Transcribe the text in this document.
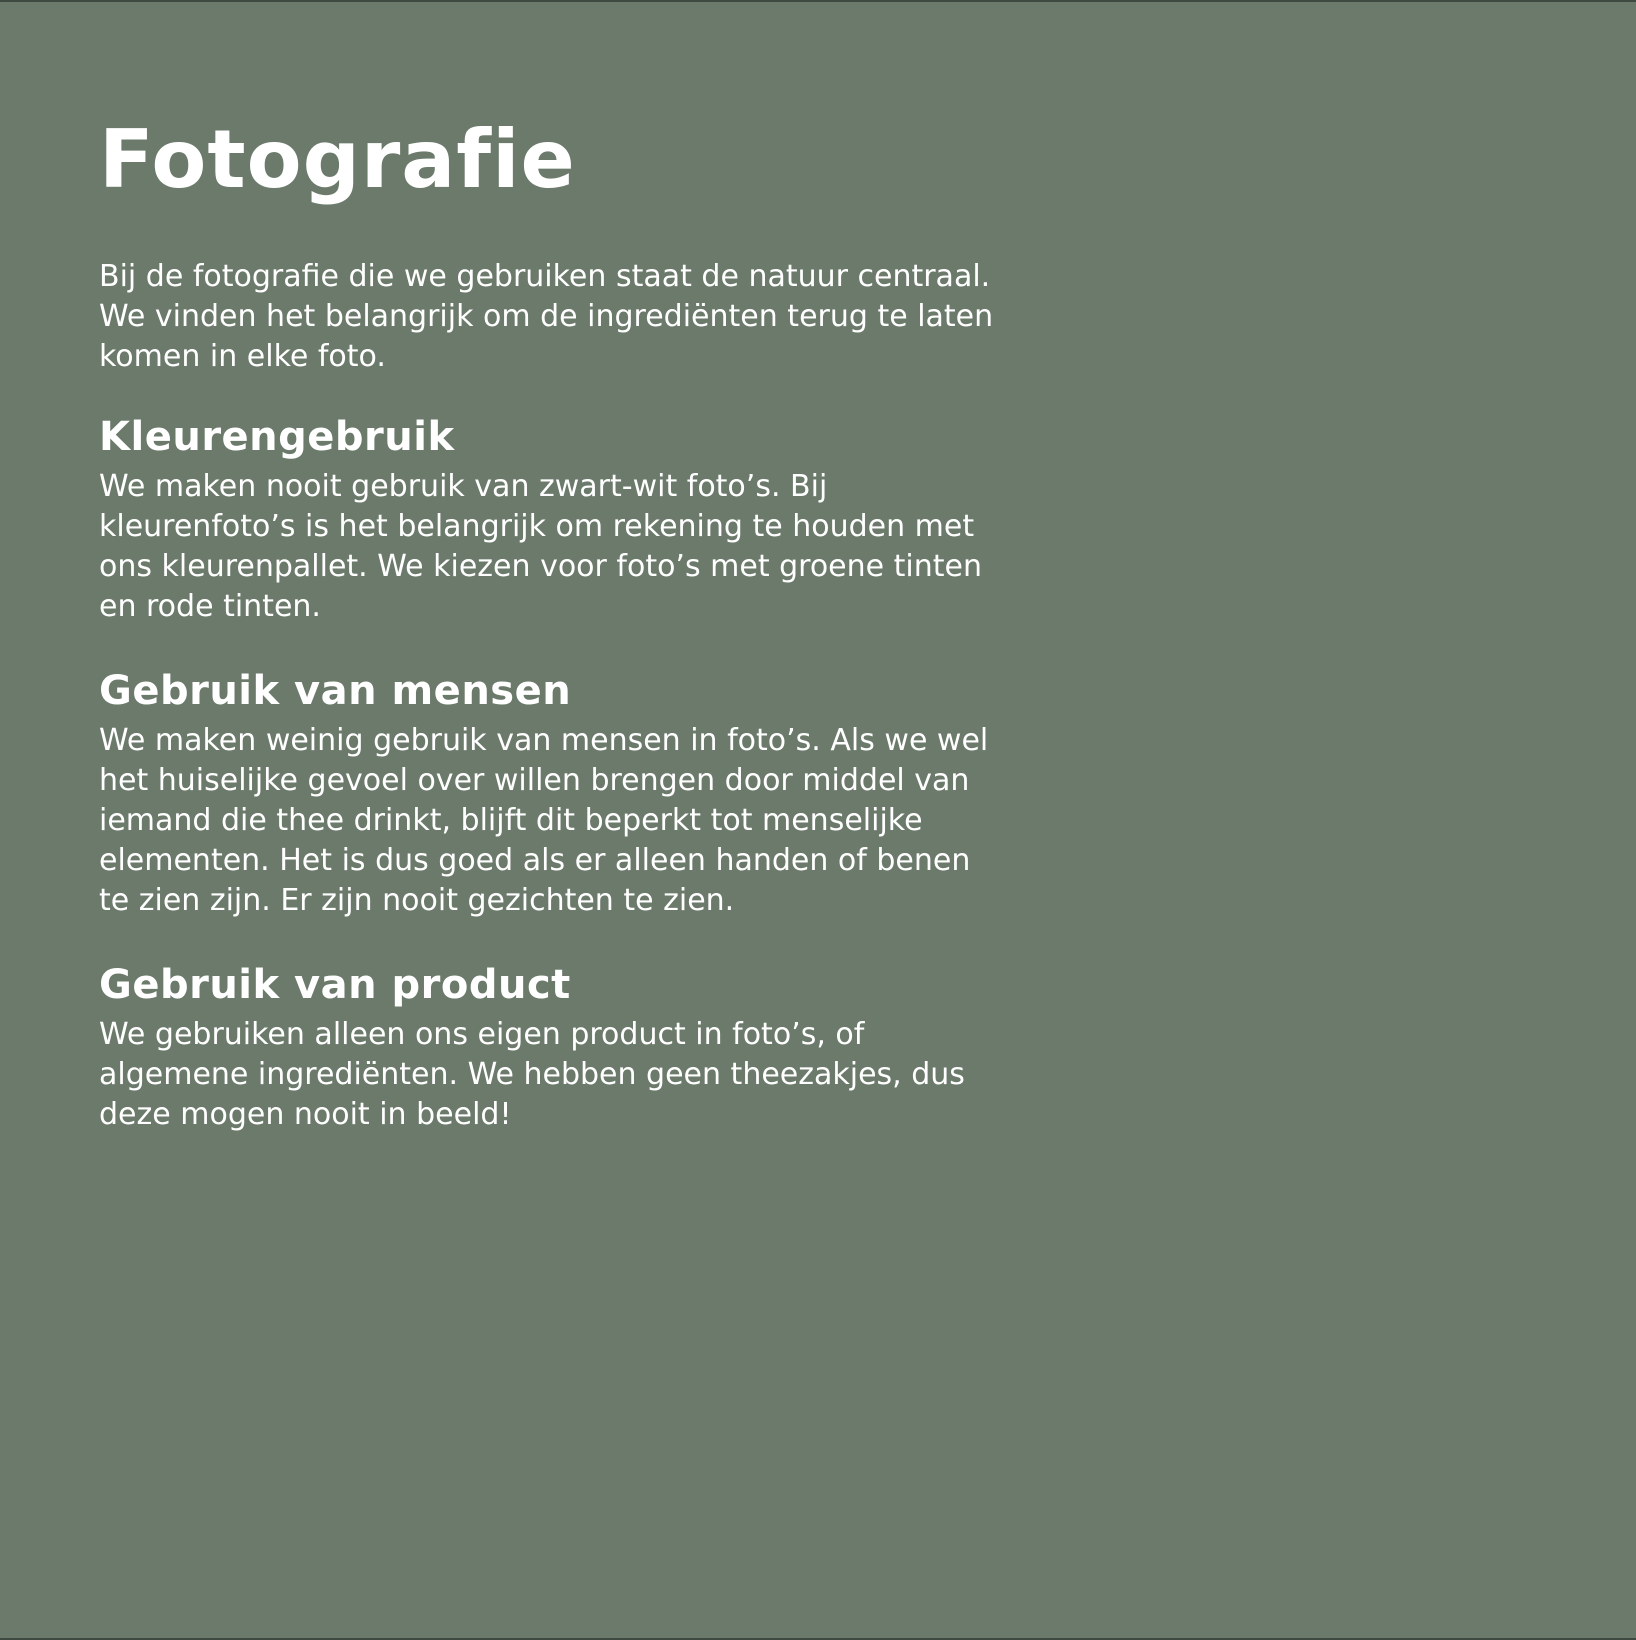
Fotografie

Bij de fotografie die we gebruiken staat de natuur centraal.
We vinden het belangrijk om de ingrediënten terug te laten
komen in elke foto.

Kleurengebruik

We maken nooit gebruik van zwart-wit foto’s. Bij
kleurenfoto’s is het belangrijk om rekening te houden met
ons kleurenpallet. We kiezen voor foto’s met groene tinten
en rode tinten.

Gebruik van mensen

We maken weinig gebruik van mensen in foto’s. Als we wel
het huiselijke gevoel over willen brengen door middel van
iemand die thee drinkt, blijft dit beperkt tot menselijke
elementen. Het is dus goed als er alleen handen of benen
te zien zijn. Er zijn nooit gezichten te zien.

Gebruik van product

We gebruiken alleen ons eigen product in foto’s, of
algemene ingrediënten. We hebben geen theezakjes, dus
deze mogen nooit in beeld!
